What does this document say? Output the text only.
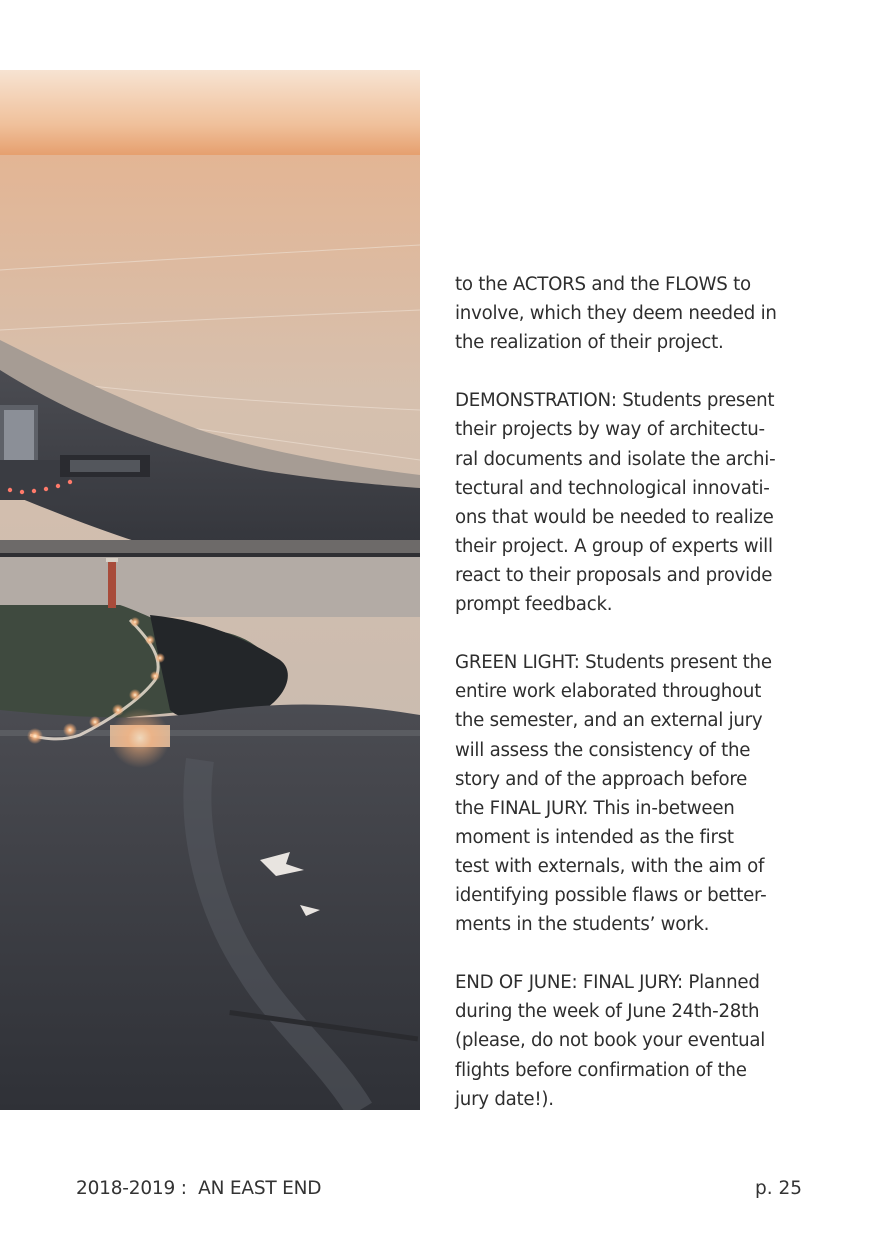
to the ACTORS and the FLOWS to
involve, which they deem needed in
the realization of their project.

DEMONSTRATION: Students present
their projects by way of architectu-
ral documents and isolate the archi-
tectural and technological innovati-
ons that would be needed to realize
their project. A group of experts will
react to their proposals and provide
prompt feedback.

GREEN LIGHT: Students present the
entire work elaborated throughout
the semester, and an external jury
will assess the consistency of the
story and of the approach before
the FINAL JURY. This in-between
moment is intended as the first
test with externals, with the aim of
identifying possible flaws or better-
ments in the students’ work.

END OF JUNE: FINAL JURY: Planned
during the week of June 24th-28th
(please, do not book your eventual
flights before confirmation of the
jury date!).

2018-2019 :  AN EAST END	p. 25
